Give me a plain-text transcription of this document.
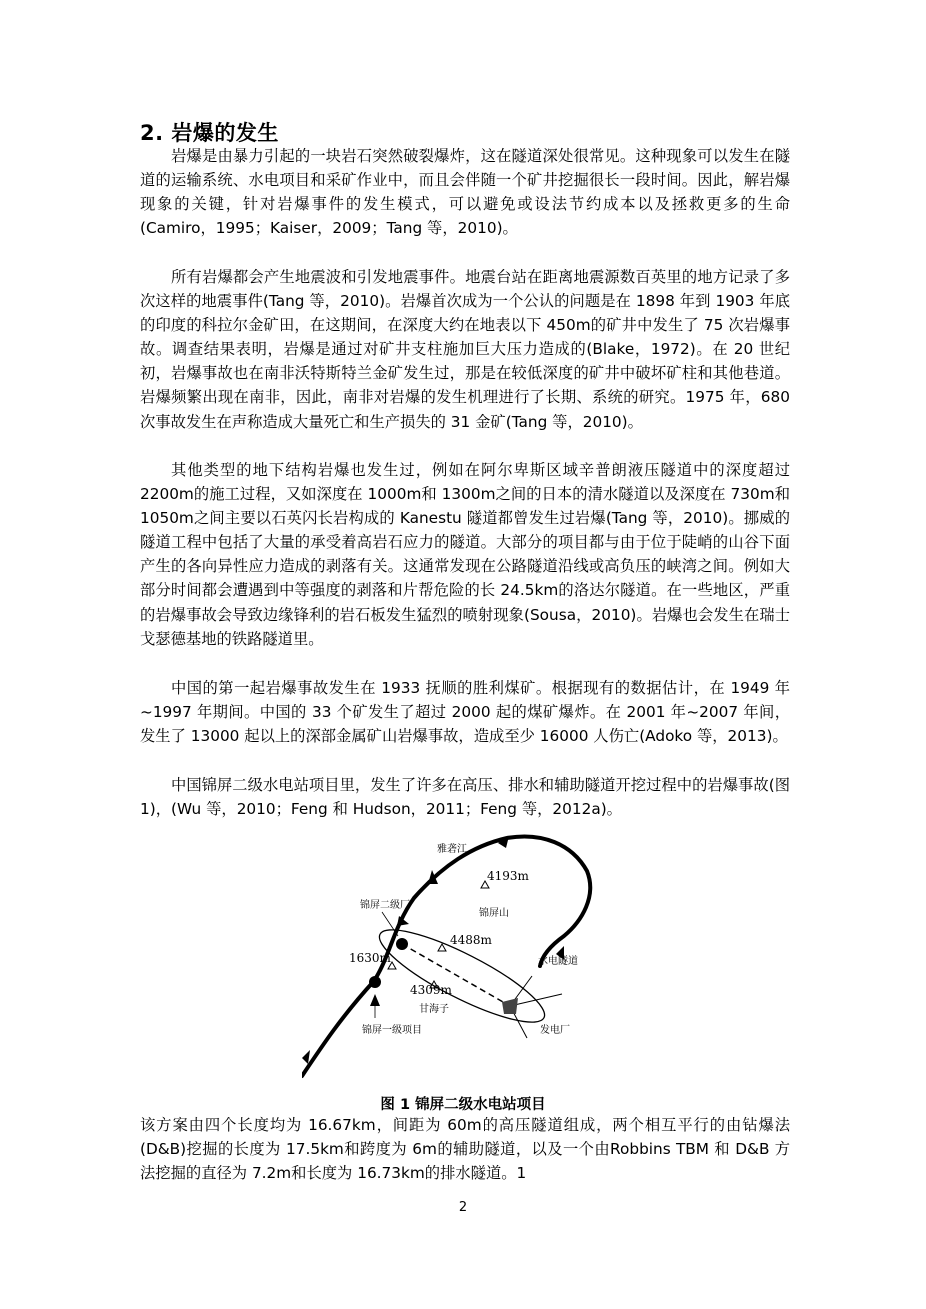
2. 岩爆的发生

岩爆是由暴力引起的一块岩石突然破裂爆炸，这在隧道深处很常见。这种现象可以发生在隧道的运输系统、水电项目和采矿作业中，而且会伴随一个矿井挖掘很长一段时间。因此，解岩爆现象的关键，针对岩爆事件的发生模式，可以避免或设法节约成本以及拯救更多的生命(Camiro，1995；Kaiser，2009；Tang 等，2010)。

所有岩爆都会产生地震波和引发地震事件。地震台站在距离地震源数百英里的地方记录了多次这样的地震事件(Tang 等，2010)。岩爆首次成为一个公认的问题是在 1898 年到 1903 年底的印度的科拉尔金矿田，在这期间，在深度大约在地表以下 450m的矿井中发生了 75 次岩爆事故。调查结果表明，岩爆是通过对矿井支柱施加巨大压力造成的(Blake，1972)。在 20 世纪初，岩爆事故也在南非沃特斯特兰金矿发生过，那是在较低深度的矿井中破坏矿柱和其他巷道。岩爆频繁出现在南非，因此，南非对岩爆的发生机理进行了长期、系统的研究。1975 年，680 次事故发生在声称造成大量死亡和生产损失的 31 金矿(Tang 等，2010)。

其他类型的地下结构岩爆也发生过，例如在阿尔卑斯区域辛普朗液压隧道中的深度超过 2200m的施工过程，又如深度在 1000m和 1300m之间的日本的清水隧道以及深度在 730m和 1050m之间主要以石英闪长岩构成的 Kanestu 隧道都曾发生过岩爆(Tang 等，2010)。挪威的隧道工程中包括了大量的承受着高岩石应力的隧道。大部分的项目都与由于位于陡峭的山谷下面产生的各向异性应力造成的剥落有关。这通常发现在公路隧道沿线或高负压的峡湾之间。例如大部分时间都会遭遇到中等强度的剥落和片帮危险的长 24.5km的洛达尔隧道。在一些地区，严重的岩爆事故会导致边缘锋利的岩石板发生猛烈的喷射现象(Sousa，2010)。岩爆也会发生在瑞士戈瑟德基地的铁路隧道里。

中国的第一起岩爆事故发生在 1933 抚顺的胜利煤矿。根据现有的数据估计，在 1949 年~1997 年期间。中国的 33 个矿发生了超过 2000 起的煤矿爆炸。在 2001 年~2007 年间，发生了 13000 起以上的深部金属矿山岩爆事故，造成至少 16000 人伤亡(Adoko 等，2013)。

中国锦屏二级水电站项目里，发生了许多在高压、排水和辅助隧道开挖过程中的岩爆事故(图 1)，(Wu 等，2010；Feng 和 Hudson，2011；Feng 等，2012a)。

雅砻江
4193m
锦屏山
锦屏二级厂
4488m
1630m	水电隧道
4309m
甘海子
锦屏一级项目	发电厂
图 1 锦屏二级水电站项目

该方案由四个长度均为 16.67km，间距为 60m的高压隧道组成，两个相互平行的由钻爆法(D&B)挖掘的长度为 17.5km和跨度为 6m的辅助隧道，以及一个由Robbins TBM 和 D&B 方法挖掘的直径为 7.2m和长度为 16.73km的排水隧道。1

2
